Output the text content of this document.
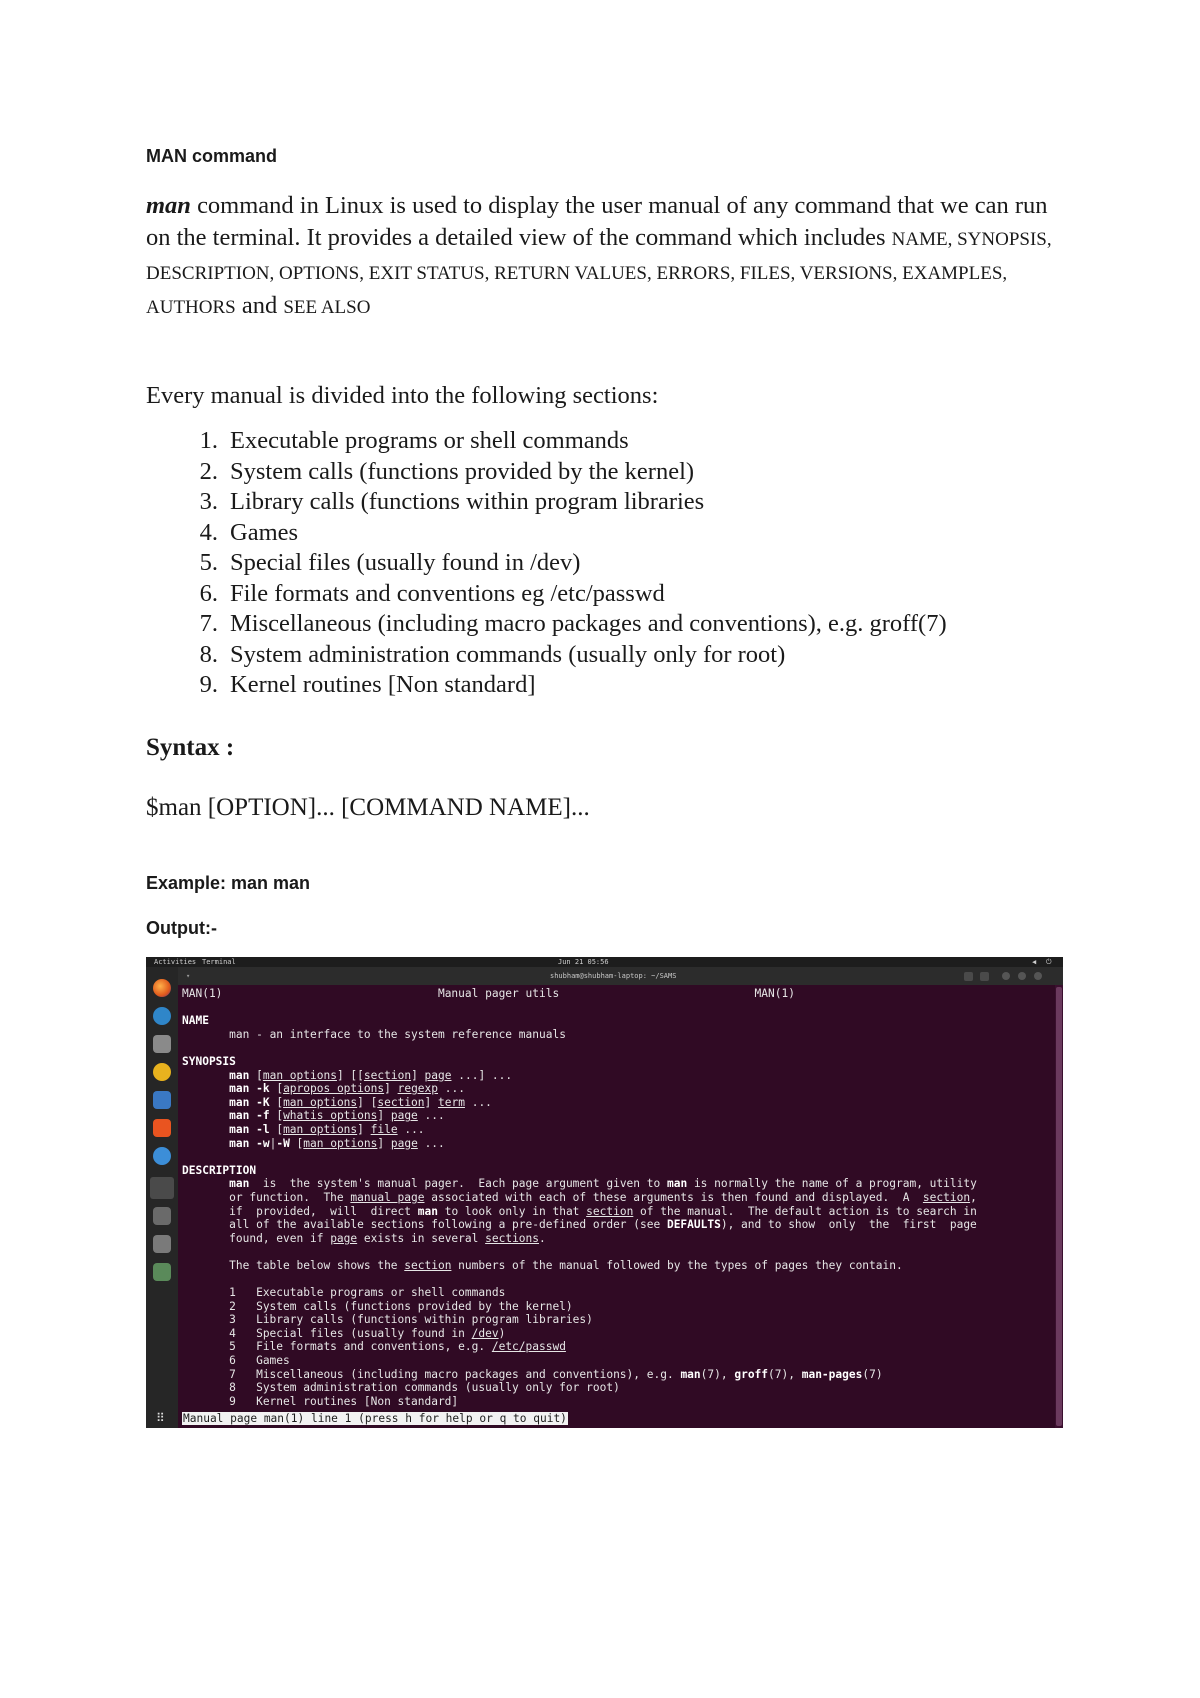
MAN command
man command in Linux is used to display the user manual of any command that we can run on the terminal. It provides a detailed view of the command which includes NAME, SYNOPSIS, DESCRIPTION, OPTIONS, EXIT STATUS, RETURN VALUES, ERRORS, FILES, VERSIONS, EXAMPLES, AUTHORS and SEE ALSO
Every manual is divided into the following sections:
1. Executable programs or shell commands
2. System calls (functions provided by the kernel)
3. Library calls (functions within program libraries
4. Games
5. Special files (usually found in /dev)
6. File formats and conventions eg /etc/passwd
7. Miscellaneous (including macro packages and conventions), e.g. groff(7)
8. System administration commands (usually only for root)
9. Kernel routines [Non standard]
Syntax :
$man [OPTION]... [COMMAND NAME]...
Example: man man
Output:-
Activities Terminal	Jun 21 05:56	◀ ⏻
▾	shubham@shubham-laptop: ~/SAMS
⠿
MAN(1)	Manual pager utils                             MAN(1)

NAME
man - an interface to the system reference manuals

SYNOPSIS
man [man options] [[section] page ...] ...
man -k [apropos options] regexp ...
man -K [man options] [section] term ...
man -f [whatis options] page ...
man -l [man options] file ...
man -w|-W [man options] page ...

DESCRIPTION
man  is  the system's manual pager.  Each page argument given to man is normally the name of a program, utility
or function.  The manual page associated with each of these arguments is then found and displayed.  A  section,
if  provided,  will  direct man to look only in that section of the manual.  The default action is to search in
all of the available sections following a pre-defined order (see DEFAULTS), and to show  only  the  first  page
found, even if page exists in several sections.

The table below shows the section numbers of the manual followed by the types of pages they contain.

1   Executable programs or shell commands
2   System calls (functions provided by the kernel)
3   Library calls (functions within program libraries)
4   Special files (usually found in /dev)
5   File formats and conventions, e.g. /etc/passwd
6   Games
7   Miscellaneous (including macro packages and conventions), e.g. man(7), groff(7), man-pages(7)
8   System administration commands (usually only for root)
9   Kernel routines [Non standard]
Manual page man(1) line 1 (press h for help or q to quit)
